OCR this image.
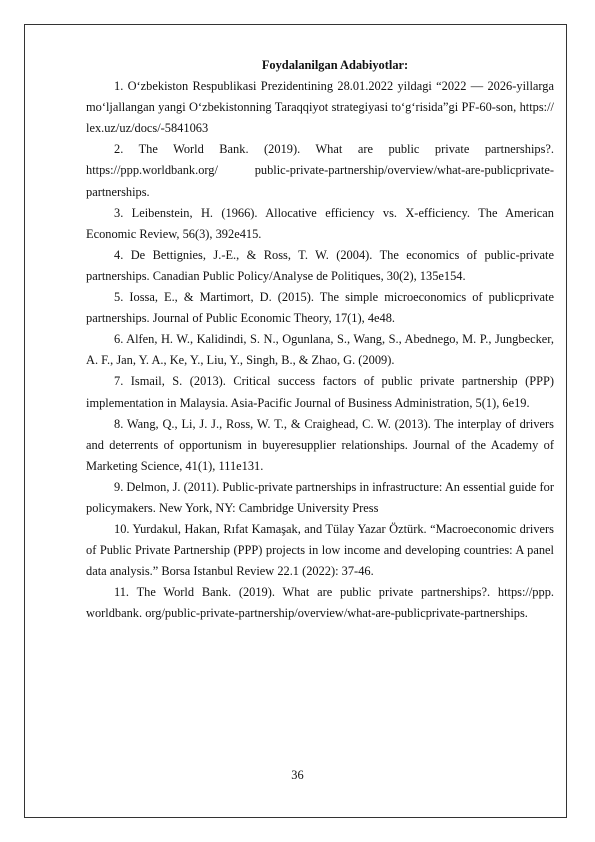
Foydalanilgan Adabiyotlar:

1. O‘zbekiston Respublikasi Prezidentining 28.01.2022 yildagi “2022 — 2026-yillarga mo‘ljallangan yangi O‘zbekistonning Taraqqiyot strategiyasi to‘g‘risida”gi PF-60-son, https:// lex.uz/uz/docs/-5841063

2. The World Bank. (2019). What are public private partnerships?. https://ppp.worldbank.org/ public-private-partnership/overview/what-are-publicprivate-partnerships.

3. Leibenstein, H. (1966). Allocative efficiency vs. X-efficiency. The American Economic Review, 56(3), 392e415.

4. De Bettignies, J.-E., & Ross, T. W. (2004). The economics of public-private partnerships. Canadian Public Policy/Analyse de Politiques, 30(2), 135e154.

5. Iossa, E., & Martimort, D. (2015). The simple microeconomics of publicprivate partnerships. Journal of Public Economic Theory, 17(1), 4e48.

6. Alfen, H. W., Kalidindi, S. N., Ogunlana, S., Wang, S., Abednego, M. P., Jungbecker, A. F., Jan, Y. A., Ke, Y., Liu, Y., Singh, B., & Zhao, G. (2009).

7. Ismail, S. (2013). Critical success factors of public private partnership (PPP) implementation in Malaysia. Asia-Pacific Journal of Business Administration, 5(1), 6e19.

8. Wang, Q., Li, J. J., Ross, W. T., & Craighead, C. W. (2013). The interplay of drivers and deterrents of opportunism in buyeresupplier relationships. Journal of the Academy of Marketing Science, 41(1), 111e131.

9. Delmon, J. (2011). Public-private partnerships in infrastructure: An essential guide for policymakers. New York, NY: Cambridge University Press

10. Yurdakul, Hakan, Rıfat Kamaşak, and Tülay Yazar Öztürk. “Macroeconomic drivers of Public Private Partnership (PPP) projects in low income and developing countries: A panel data analysis.” Borsa Istanbul Review 22.1 (2022): 37-46.

11. The World Bank. (2019). What are public private partnerships?. https://ppp. worldbank. org/public-private-partnership/overview/what-are-publicprivate-partnerships.

36
